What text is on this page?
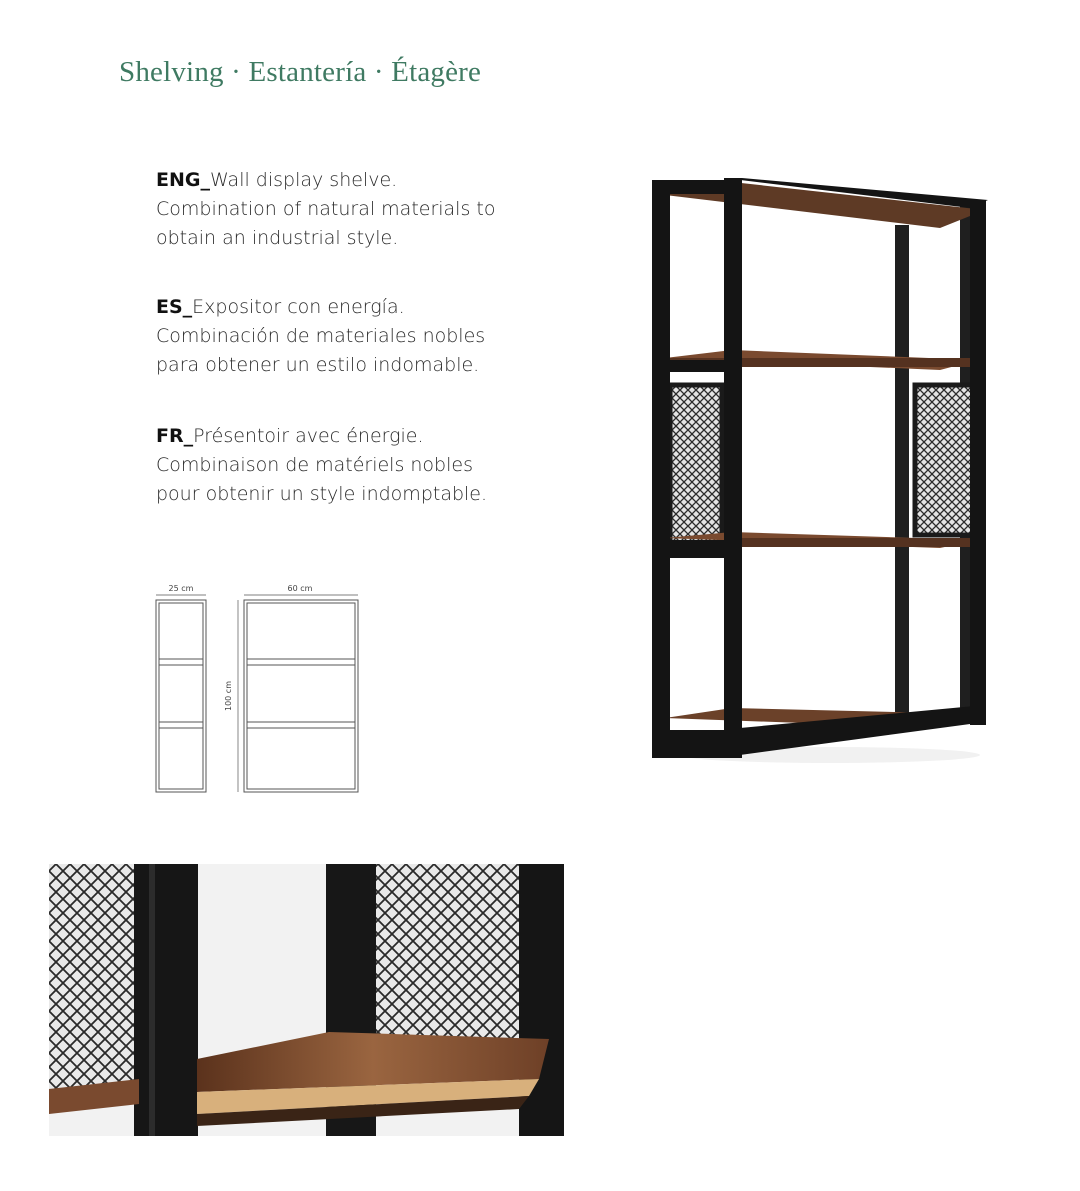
Shelving · Estantería · Étagère
ENG_Wall display shelve.
Combination of natural materials to
obtain an industrial style.
ES_Expositor con energía.
Combinación de materiales nobles
para obtener un estilo indomable.
FR_Présentoir avec énergie.
Combinaison de matériels nobles
pour obtenir un style indomptable.
25 cm	60 cm
100 cm
